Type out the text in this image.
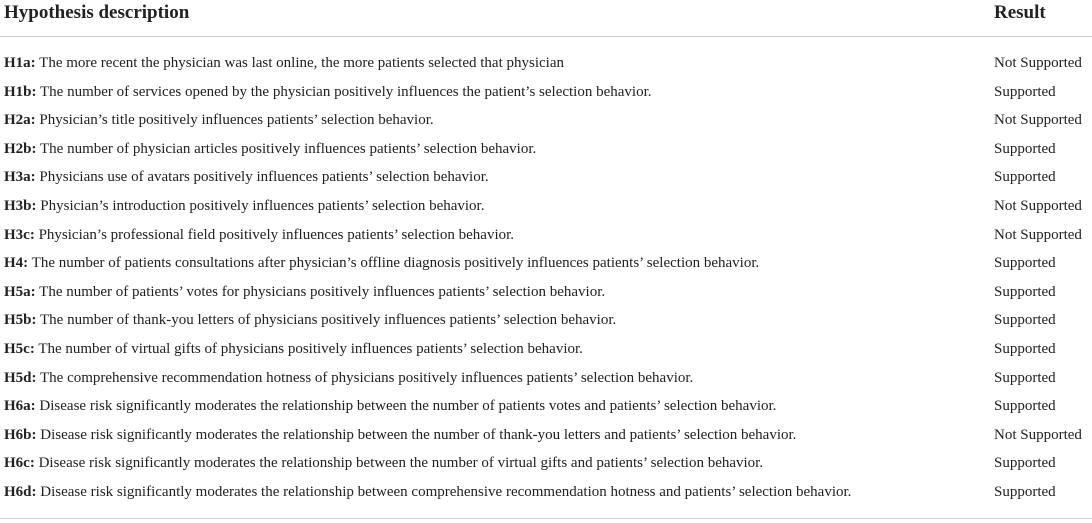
Hypothesis description	Result
H1a: The more recent the physician was last online, the more patients selected that physician	Not Supported
H1b: The number of services opened by the physician positively influences the patient’s selection behavior.	Supported
H2a: Physician’s title positively influences patients’ selection behavior.	Not Supported
H2b: The number of physician articles positively influences patients’ selection behavior.	Supported
H3a: Physicians use of avatars positively influences patients’ selection behavior.	Supported
H3b: Physician’s introduction positively influences patients’ selection behavior.	Not Supported
H3c: Physician’s professional field positively influences patients’ selection behavior.	Not Supported
H4: The number of patients consultations after physician’s offline diagnosis positively influences patients’ selection behavior.	Supported
H5a: The number of patients’ votes for physicians positively influences patients’ selection behavior.	Supported
H5b: The number of thank-you letters of physicians positively influences patients’ selection behavior.	Supported
H5c: The number of virtual gifts of physicians positively influences patients’ selection behavior.	Supported
H5d: The comprehensive recommendation hotness of physicians positively influences patients’ selection behavior.	Supported
H6a: Disease risk significantly moderates the relationship between the number of patients votes and patients’ selection behavior.	Supported
H6b: Disease risk significantly moderates the relationship between the number of thank-you letters and patients’ selection behavior.	Not Supported
H6c: Disease risk significantly moderates the relationship between the number of virtual gifts and patients’ selection behavior.	Supported
H6d: Disease risk significantly moderates the relationship between comprehensive recommendation hotness and patients’ selection behavior.	Supported
